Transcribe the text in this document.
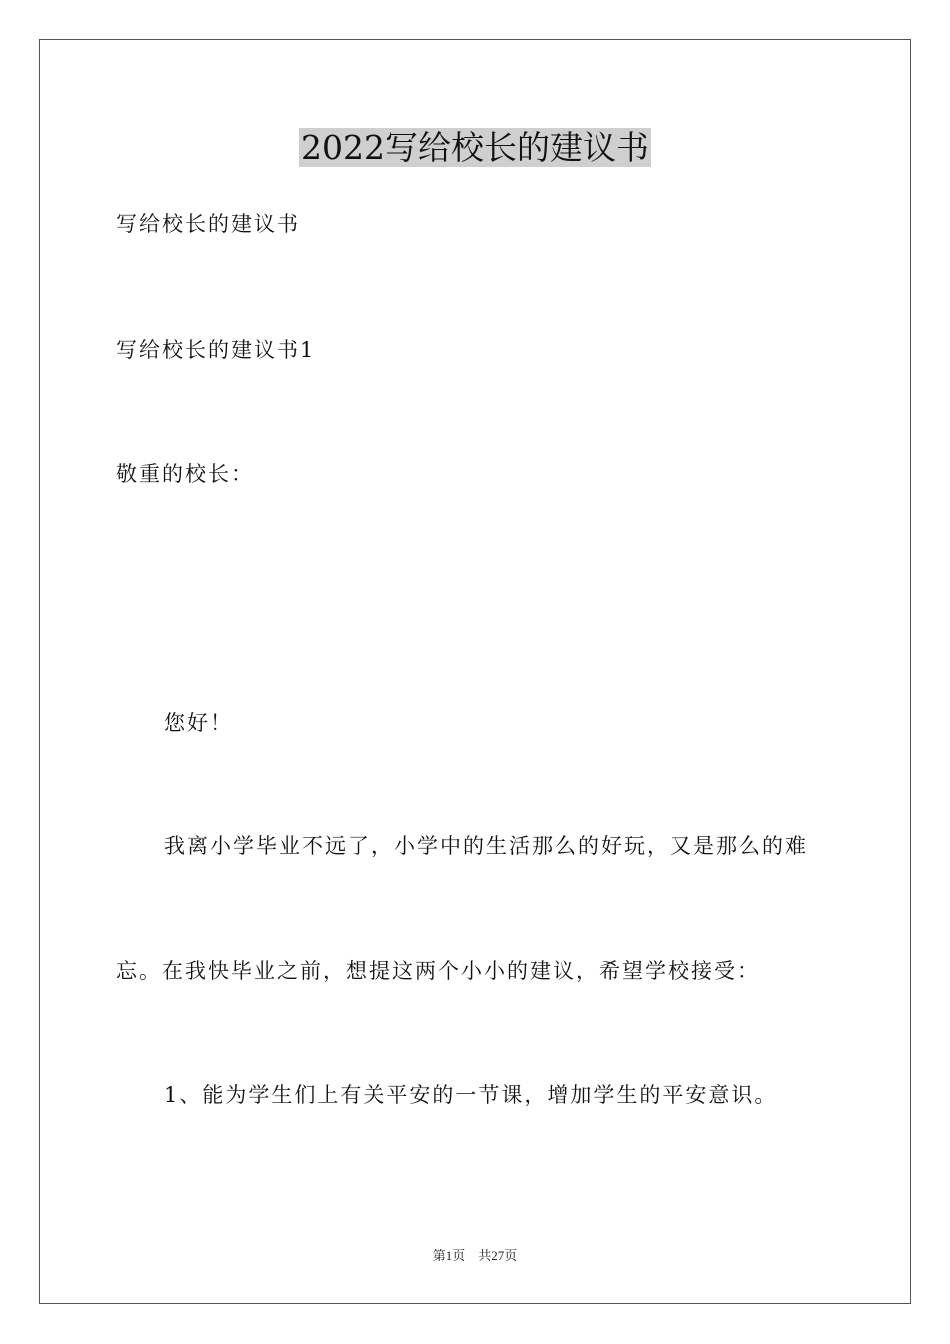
2022写给校长的建议书

写给校长的建议书

写给校长的建议书1

敬重的校长：

您好！

我离小学毕业不远了，小学中的生活那么的好玩，又是那么的难

忘。在我快毕业之前，想提这两个小小的建议，希望学校接受：

1、能为学生们上有关平安的一节课，增加学生的平安意识。

第1页　共27页
